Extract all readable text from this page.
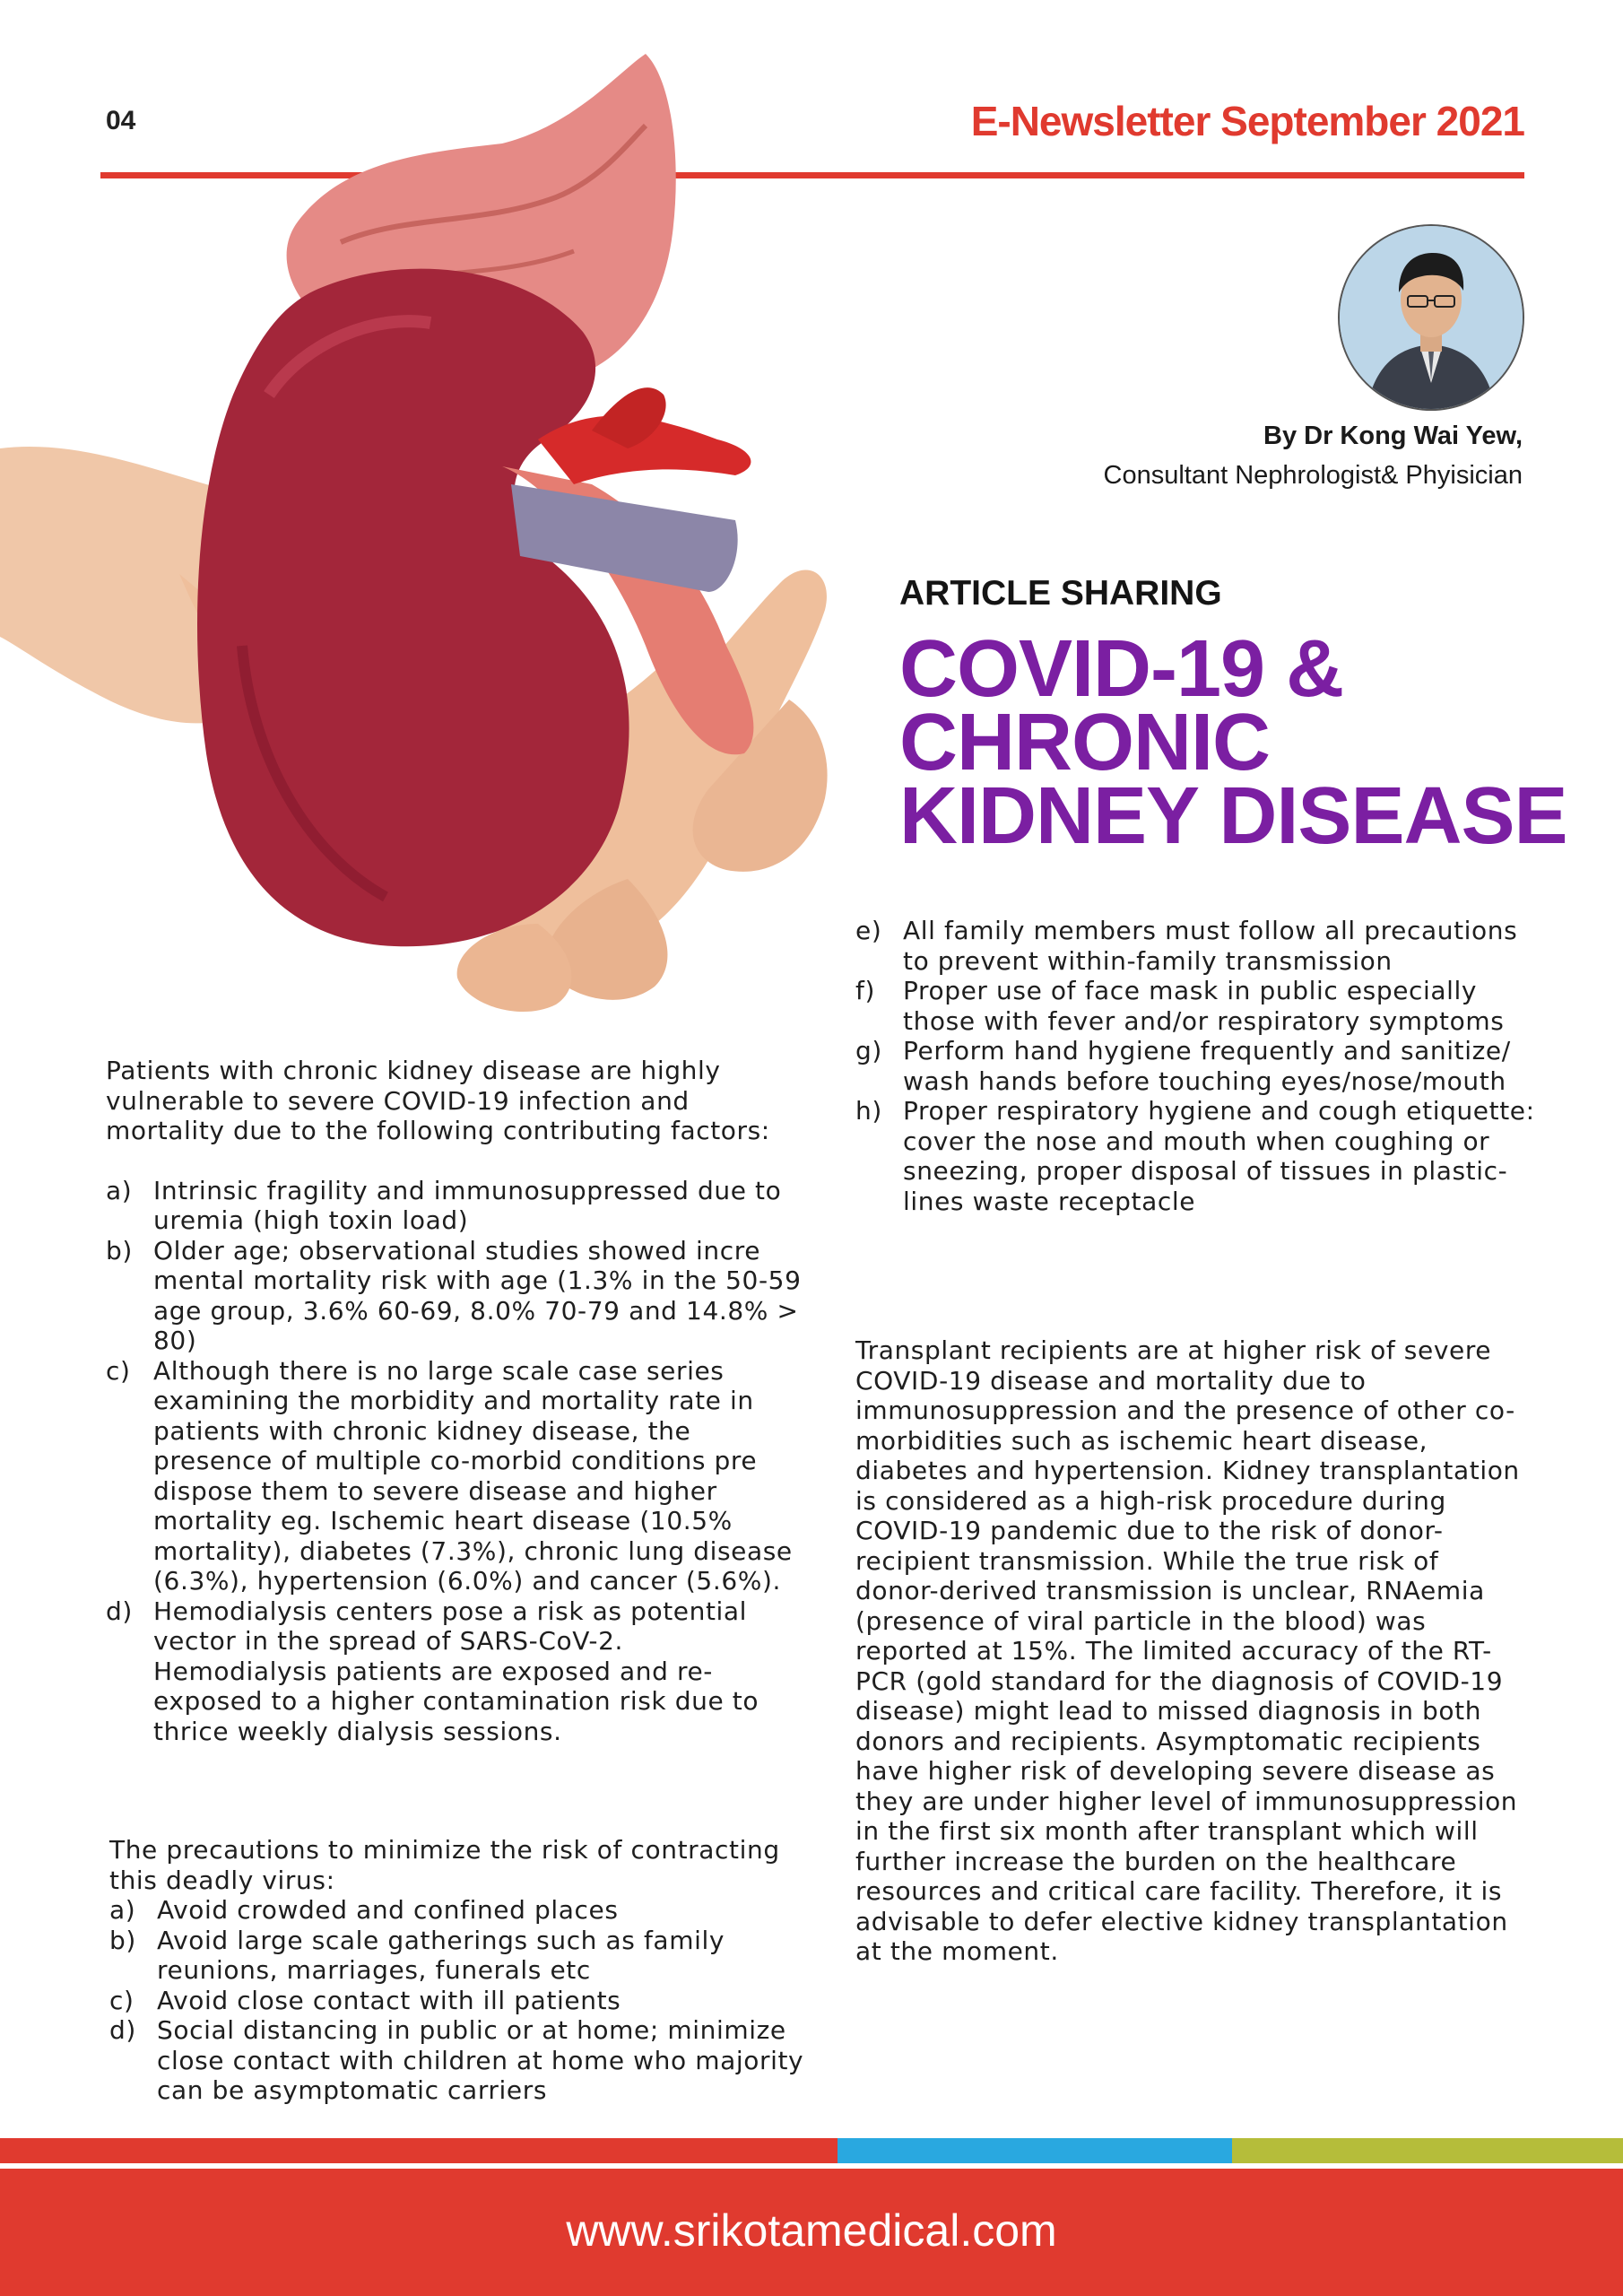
04	E-Newsletter September 2021
By Dr Kong Wai Yew,
Consultant Nephrologist& Phyisician
ARTICLE SHARING
COVID-19 &
CHRONIC
KIDNEY DISEASE

Patients with chronic kidney disease are highly vulnerable to severe COVID-19 infection and mortality due to the following contributing factors:

a) Intrinsic fragility and immunosuppressed due to uremia (high toxin load)
b) Older age; observational studies showed incre mental mortality risk with age (1.3% in the 50-59 age group, 3.6% 60-69, 8.0% 70-79 and 14.8% > 80)
c) Although there is no large scale case series examining the morbidity and mortality rate in patients with chronic kidney disease, the presence of multiple co-morbid conditions pre dispose them to severe disease and higher mortality eg. Ischemic heart disease (10.5% mortality), diabetes (7.3%), chronic lung disease (6.3%), hypertension (6.0%) and cancer (5.6%).
d) Hemodialysis centers pose a risk as potential vector in the spread of SARS-CoV-2. Hemodialysis patients are exposed and re-exposed to a higher contamination risk due to thrice weekly dialysis sessions.

The precautions to minimize the risk of contracting this deadly virus:

a) Avoid crowded and confined places
b) Avoid large scale gatherings such as family reunions, marriages, funerals etc
c) Avoid close contact with ill patients
d) Social distancing in public or at home; minimize close contact with children at home who majority can be asymptomatic carriers
e) All family members must follow all precautions to prevent within-family transmission
f) Proper use of face mask in public especially those with fever and/or respiratory symptoms
g) Perform hand hygiene frequently and sanitize/ wash hands before touching eyes/nose/mouth
h) Proper respiratory hygiene and cough etiquette: cover the nose and mouth when coughing or sneezing, proper disposal of tissues in plastic-lines waste receptacle

Transplant recipients are at higher risk of severe COVID-19 disease and mortality due to immunosuppression and the presence of other co-morbidities such as ischemic heart disease, diabetes and hypertension. Kidney transplantation is considered as a high-risk procedure during COVID-19 pandemic due to the risk of donor-recipient transmission. While the true risk of donor-derived transmission is unclear, RNAemia (presence of viral particle in the blood) was reported at 15%. The limited accuracy of the RT-PCR (gold standard for the diagnosis of COVID-19 disease) might lead to missed diagnosis in both donors and recipients. Asymptomatic recipients have higher risk of developing severe disease as they are under higher level of immunosuppression in the first six month after transplant which will further increase the burden on the healthcare resources and critical care facility. Therefore, it is advisable to defer elective kidney transplantation at the moment.

www.srikotamedical.com
